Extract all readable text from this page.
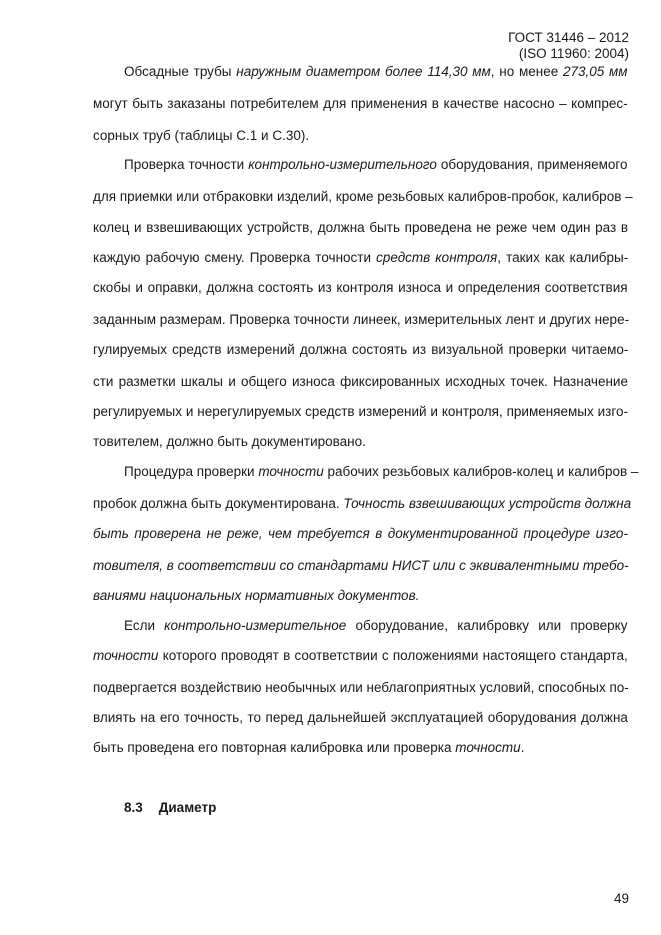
ГОСТ 31446 – 2012
(ISO 11960: 2004)
Обсадные трубы наружным диаметром более 114,30 мм, но менее 273,05 мм
могут быть заказаны потребителем для применения в качестве насосно – компрес-
сорных труб (таблицы С.1 и С.30).
Проверка точности контрольно-измерительного оборудования, применяемого
для приемки или отбраковки изделий, кроме резьбовых калибров-пробок, калибров –
колец и взвешивающих устройств, должна быть проведена не реже чем один раз в
каждую рабочую смену. Проверка точности средств контроля, таких как калибры-
скобы и оправки, должна состоять из контроля износа и определения соответствия
заданным размерам. Проверка точности линеек, измерительных лент и других нере-
гулируемых средств измерений должна состоять из визуальной проверки читаемо-
сти разметки шкалы и общего износа фиксированных исходных точек. Назначение
регулируемых и нерегулируемых средств измерений и контроля, применяемых изго-
товителем, должно быть документировано.
Процедура проверки точности рабочих резьбовых калибров-колец и калибров –
пробок должна быть документирована. Точность взвешивающих устройств должна
быть проверена не реже, чем требуется в документированной процедуре изго-
товителя, в соответствии со стандартами НИСТ или с эквивалентными требо-
ваниями национальных нормативных документов.
Если контрольно-измерительное оборудование, калибровку или проверку
точности которого проводят в соответствии с положениями настоящего стандарта,
подвергается воздействию необычных или неблагоприятных условий, способных по-
влиять на его точность, то перед дальнейшей эксплуатацией оборудования должна
быть проведена его повторная калибровка или проверка точности.
8.3 Диаметр
49
